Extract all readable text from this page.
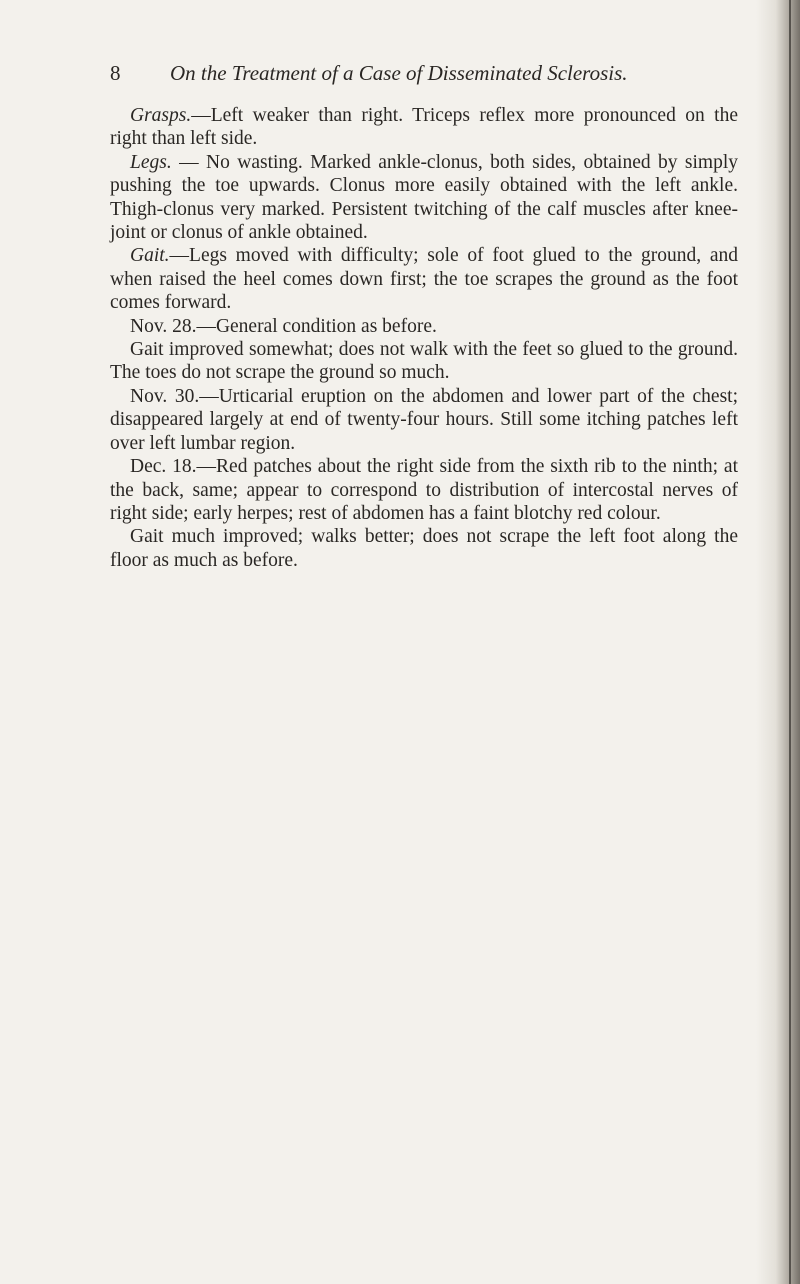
8 On the Treatment of a Case of Disseminated Sclerosis.

Grasps.—Left weaker than right. Triceps reflex more pronounced on the right than left side.

Legs. — No wasting. Marked ankle-clonus, both sides, obtained by simply pushing the toe upwards. Clonus more easily obtained with the left ankle. Thigh-clonus very marked. Persistent twitching of the calf muscles after knee-joint or clonus of ankle obtained.

Gait.—Legs moved with difficulty; sole of foot glued to the ground, and when raised the heel comes down first; the toe scrapes the ground as the foot comes forward.

Nov. 28.—General condition as before.

Gait improved somewhat; does not walk with the feet so glued to the ground. The toes do not scrape the ground so much.

Nov. 30.—Urticarial eruption on the abdomen and lower part of the chest; disappeared largely at end of twenty-four hours. Still some itching patches left over left lumbar region.

Dec. 18.—Red patches about the right side from the sixth rib to the ninth; at the back, same; appear to correspond to distribution of intercostal nerves of right side; early herpes; rest of abdomen has a faint blotchy red colour.

Gait much improved; walks better; does not scrape the left foot along the floor as much as before.
